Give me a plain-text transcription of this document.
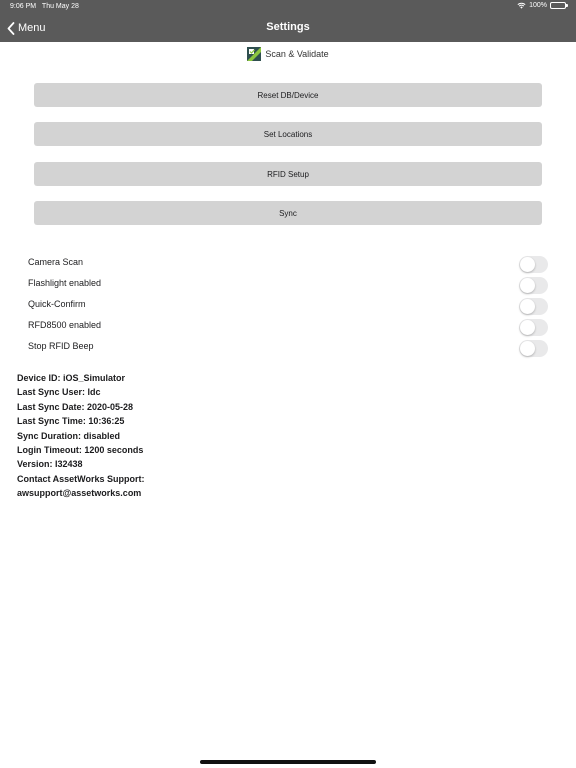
9:06 PM Thu May 28	100%
Menu	Settings
Scan & Validate
Reset DB/Device
Set Locations
RFID Setup
Sync
Camera Scan
Flashlight enabled
Quick-Confirm
RFD8500 enabled
Stop RFID Beep
Device ID: iOS_Simulator
Last Sync User: ldc
Last Sync Date: 2020-05-28
Last Sync Time: 10:36:25
Sync Duration: disabled
Login Timeout: 1200 seconds
Version: I32438
Contact AssetWorks Support:
awsupport@assetworks.com
